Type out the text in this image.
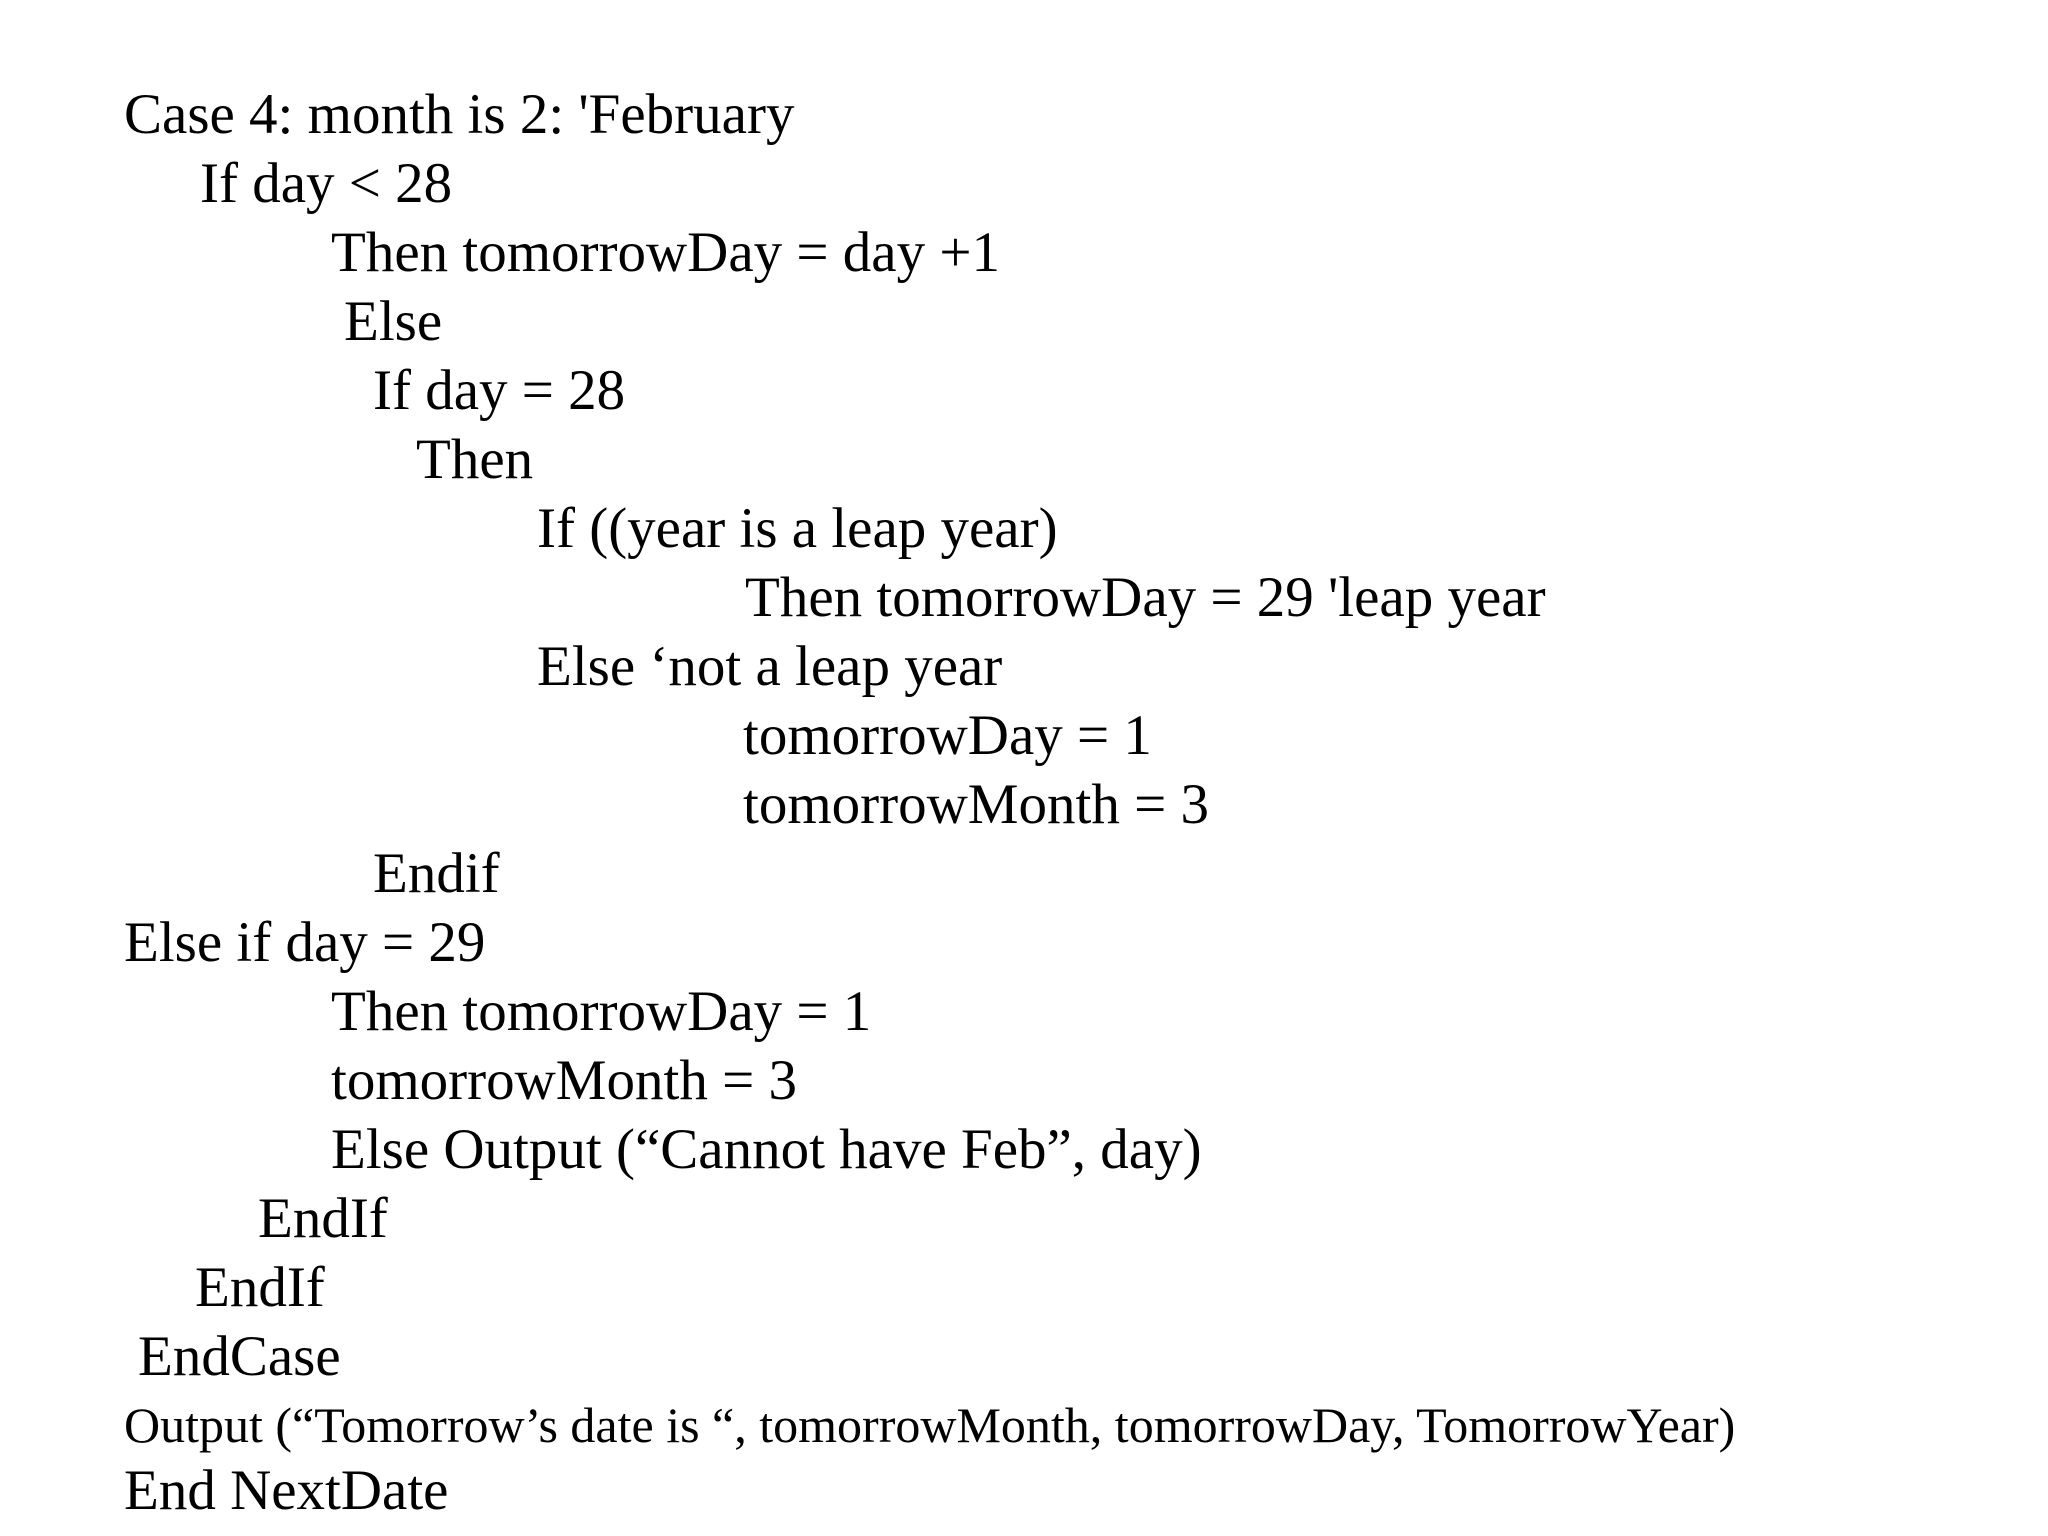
Case 4: month is 2: 'February
If day < 28
Then tomorrowDay = day +1
Else
If day = 28
Then
If ((year is a leap year)
Then tomorrowDay = 29 'leap year
Else ‘not a leap year
tomorrowDay = 1
tomorrowMonth = 3
Endif
Else if day = 29
Then tomorrowDay = 1
tomorrowMonth = 3
Else Output (“Cannot have Feb”, day)
EndIf
EndIf
EndCase
Output (“Tomorrow’s date is “, tomorrowMonth, tomorrowDay, TomorrowYear)
End NextDate
